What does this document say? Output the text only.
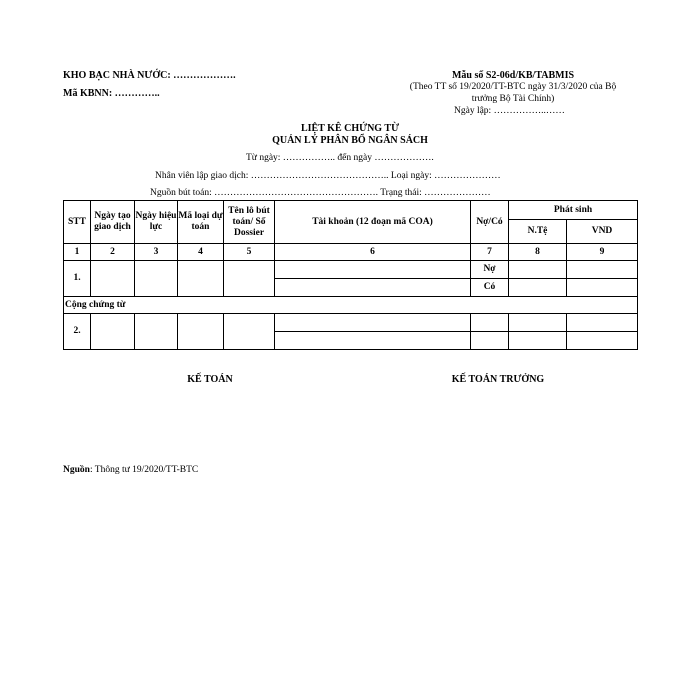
KHO BẠC NHÀ NƯỚC: ……………….
Mã KBNN: …………..
Mẫu số S2-06d/KB/TABMIS
(Theo TT số 19/2020/TT-BTC ngày 31/3/2020 của Bộ
trưởng Bộ Tài Chính)
Ngày lập: ……………..……
LIỆT KÊ CHỨNG TỪ
QUẢN LÝ PHÂN BỔ NGÂN SÁCH
Từ ngày: …………….. đến ngày ……………….
Nhân viên lập giao dịch: …………………………………….. Loại ngày: …………………
Nguồn bút toán: ……………………………………………. Trạng thái: …………………
STT	Ngày tạo giao dịch	Ngày hiệu lực	Mã loại dự toán	Tên lô bút toán/ Số Dossier	Tài khoản (12 đoạn mã COA)	Nợ/Có	Phát sinh	
							N.Tệ	VND
1	2	3	4	5	6	7	8	9
1.						Nợ		
						Có		
Cộng chứng từ								
2.								

KẾ TOÁN	KẾ TOÁN TRƯỞNG
Nguồn: Thông tư 19/2020/TT-BTC
